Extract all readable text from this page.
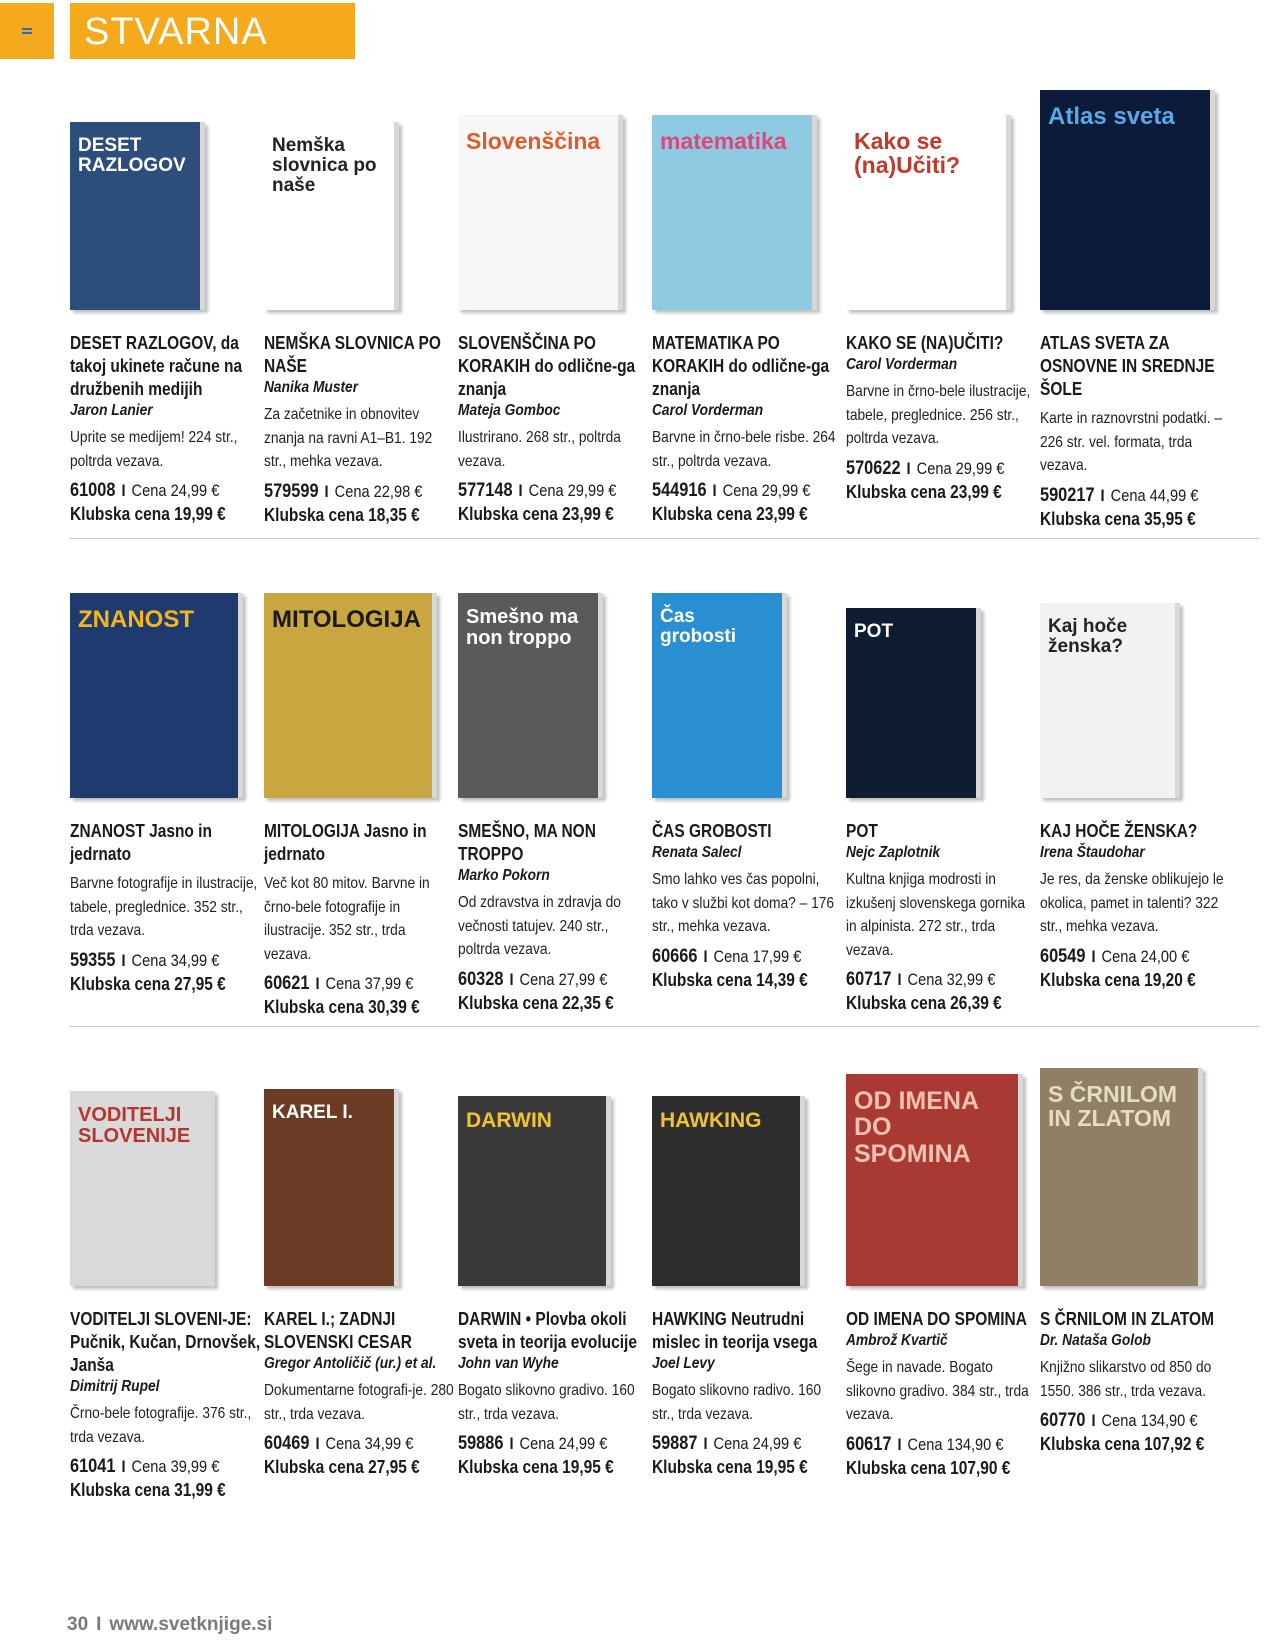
STVARNA
DESET RAZLOGOV
DESET RAZLOGOV, da takoj ukinete račune na družbenih medijih
Jaron Lanier
Uprite se medijem! 224 str., poltrda vezava.
61008 I Cena 24,99 €
Klubska cena 19,99 €
Nemška slovnica po naše
NEMŠKA SLOVNICA PO NAŠE
Nanika Muster
Za začetnike in obnovitev znanja na ravni A1–B1. 192 str., mehka vezava.
579599 I Cena 22,98 €
Klubska cena 18,35 €
Slovenščina
SLOVENŠČINA PO KORAKIH do odlične-ga znanja
Mateja Gomboc
Ilustrirano. 268 str., poltrda vezava.
577148 I Cena 29,99 €
Klubska cena 23,99 €
matematika
MATEMATIKA PO KORAKIH do odlične-ga znanja
Carol Vorderman
Barvne in črno-bele risbe. 264 str., poltrda vezava.
544916 I Cena 29,99 €
Klubska cena 23,99 €
Kako se (na)Učiti?
KAKO SE (NA)UČITI?
Carol Vorderman
Barvne in črno-bele ilustracije, tabele, preglednice. 256 str., poltrda vezava.
570622 I Cena 29,99 €
Klubska cena 23,99 €
Atlas sveta
ATLAS SVETA ZA OSNOVNE IN SREDNJE ŠOLE
Karte in raznovrstni podatki. –226 str. vel. formata, trda vezava.
590217 I Cena 44,99 €
Klubska cena 35,95 €
ZNANOST
ZNANOST Jasno in jedrnato
Barvne fotografije in ilustracije, tabele, preglednice. 352 str., trda vezava.
59355 I Cena 34,99 €
Klubska cena 27,95 €
MITOLOGIJA
MITOLOGIJA Jasno in jedrnato
Več kot 80 mitov. Barvne in črno-bele fotografije in ilustracije. 352 str., trda vezava.
60621 I Cena 37,99 €
Klubska cena 30,39 €
Smešno ma non troppo
SMEŠNO, MA NON TROPPO
Marko Pokorn
Od zdravstva in zdravja do večnosti tatujev. 240 str., poltrda vezava.
60328 I Cena 27,99 €
Klubska cena 22,35 €
Čas grobosti
ČAS GROBOSTI
Renata Salecl
Smo lahko ves čas popolni, tako v službi kot doma? – 176 str., mehka vezava.
60666 I Cena 17,99 €
Klubska cena 14,39 €
POT
POT
Nejc Zaplotnik
Kultna knjiga modrosti in izkušenj slovenskega gornika in alpinista. 272 str., trda vezava.
60717 I Cena 32,99 €
Klubska cena 26,39 €
Kaj hoče ženska?
KAJ HOČE ŽENSKA?
Irena Štaudohar
Je res, da ženske oblikujejo le okolica, pamet in talenti? 322 str., mehka vezava.
60549 I Cena 24,00 €
Klubska cena 19,20 €
VODITELJI SLOVENIJE
VODITELJI SLOVENI-JE: Pučnik, Kučan, Drnovšek, Janša
Dimitrij Rupel
Črno-bele fotografije. 376 str., trda vezava.
61041 I Cena 39,99 €
Klubska cena 31,99 €
KAREL I.
KAREL I.; ZADNJI SLOVENSKI CESAR
Gregor Antoličič (ur.) et al.
Dokumentarne fotografi-je. 280 str., trda vezava.
60469 I Cena 34,99 €
Klubska cena 27,95 €
DARWIN
DARWIN • Plovba okoli sveta in teorija evolucije
John van Wyhe
Bogato slikovno gradivo. 160 str., trda vezava.
59886 I Cena 24,99 €
Klubska cena 19,95 €
HAWKING
HAWKING Neutrudni mislec in teorija vsega
Joel Levy
Bogato slikovno radivo. 160 str., trda vezava.
59887 I Cena 24,99 €
Klubska cena 19,95 €
OD IMENA DO SPOMINA
OD IMENA DO SPOMINA
Ambrož Kvartič
Šege in navade. Bogato slikovno gradivo. 384 str., trda vezava.
60617 I Cena 134,90 €
Klubska cena 107,90 €
S ČRNILOM IN ZLATOM
S ČRNILOM IN ZLATOM
Dr. Nataša Golob
Knjižno slikarstvo od 850 do 1550. 386 str., trda vezava.
60770 I Cena 134,90 €
Klubska cena 107,92 €
30 I www.svetknjige.si
